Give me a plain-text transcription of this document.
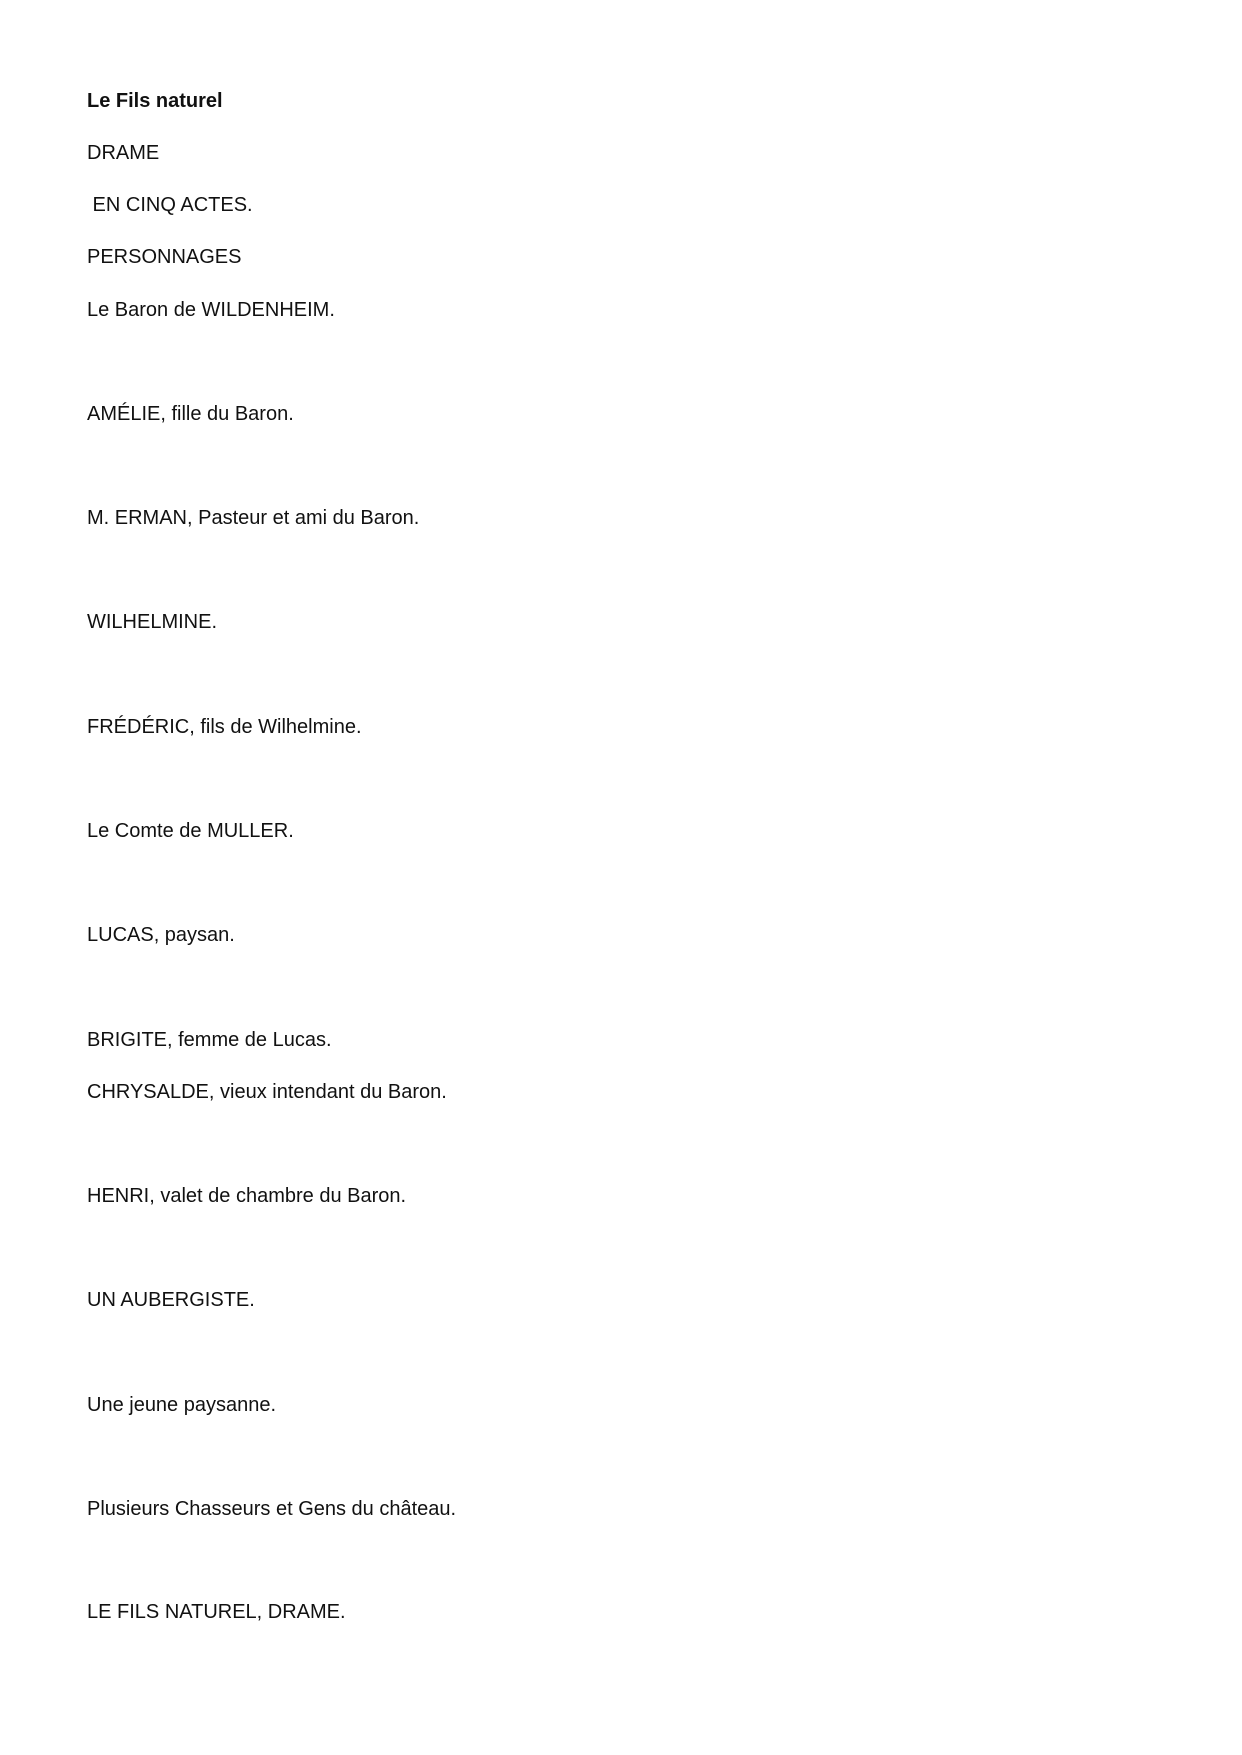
Le Fils naturel
DRAME
EN CINQ ACTES.
PERSONNAGES
Le Baron de WILDENHEIM.
AMÉLIE, fille du Baron.
M. ERMAN, Pasteur et ami du Baron.
WILHELMINE.
FRÉDÉRIC, fils de Wilhelmine.
Le Comte de MULLER.
LUCAS, paysan.
BRIGITE, femme de Lucas.
CHRYSALDE, vieux intendant du Baron.
HENRI, valet de chambre du Baron.
UN AUBERGISTE.
Une jeune paysanne.
Plusieurs Chasseurs et Gens du château.
LE FILS NATUREL, DRAME.
